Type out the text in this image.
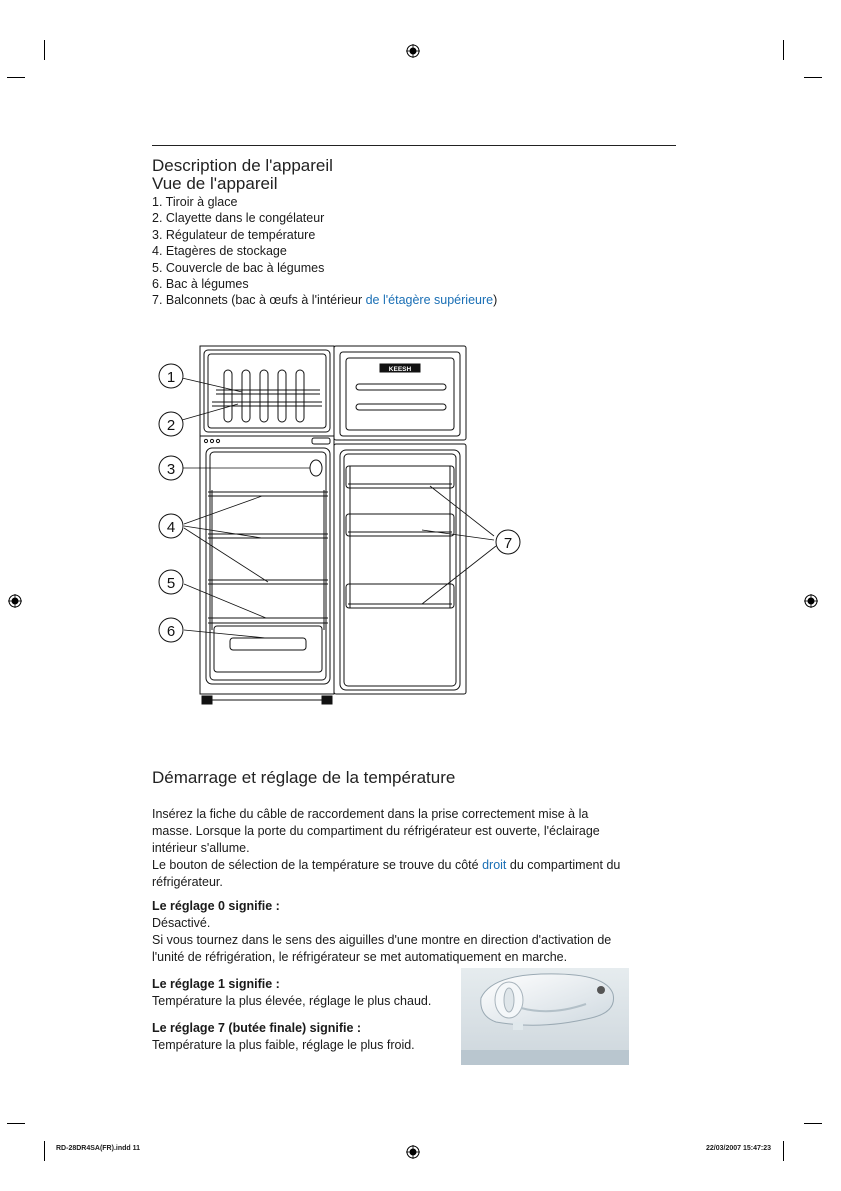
Description de l'appareil
Vue de l'appareil
1. Tiroir à glace
2. Clayette dans le congélateur
3. Régulateur de température
4. Etagères de stockage
5. Couvercle de bac à légumes
6. Bac à légumes
7. Balconnets (bac à œufs à l'intérieur de l'étagère supérieure)
KEESH
1
2
3
4
5
6
7
Démarrage et réglage de la température
Insérez la fiche du câble de raccordement dans la prise correctement mise à la
masse. Lorsque la porte du compartiment du réfrigérateur est ouverte, l'éclairage
intérieur s'allume.
Le bouton de sélection de la température se trouve du côté droit du compartiment du
réfrigérateur.
Le réglage 0 signifie :
Désactivé.
Si vous tournez dans le sens des aiguilles d'une montre en direction d'activation de
l'unité de réfrigération, le réfrigérateur se met automatiquement en marche.
Le réglage 1 signifie :
Température la plus élevée, réglage le plus chaud.
Le réglage 7 (butée finale) signifie :
Température la plus faible, réglage le plus froid.
RD-28DR4SA(FR).indd 11	22/03/2007 15:47:23
